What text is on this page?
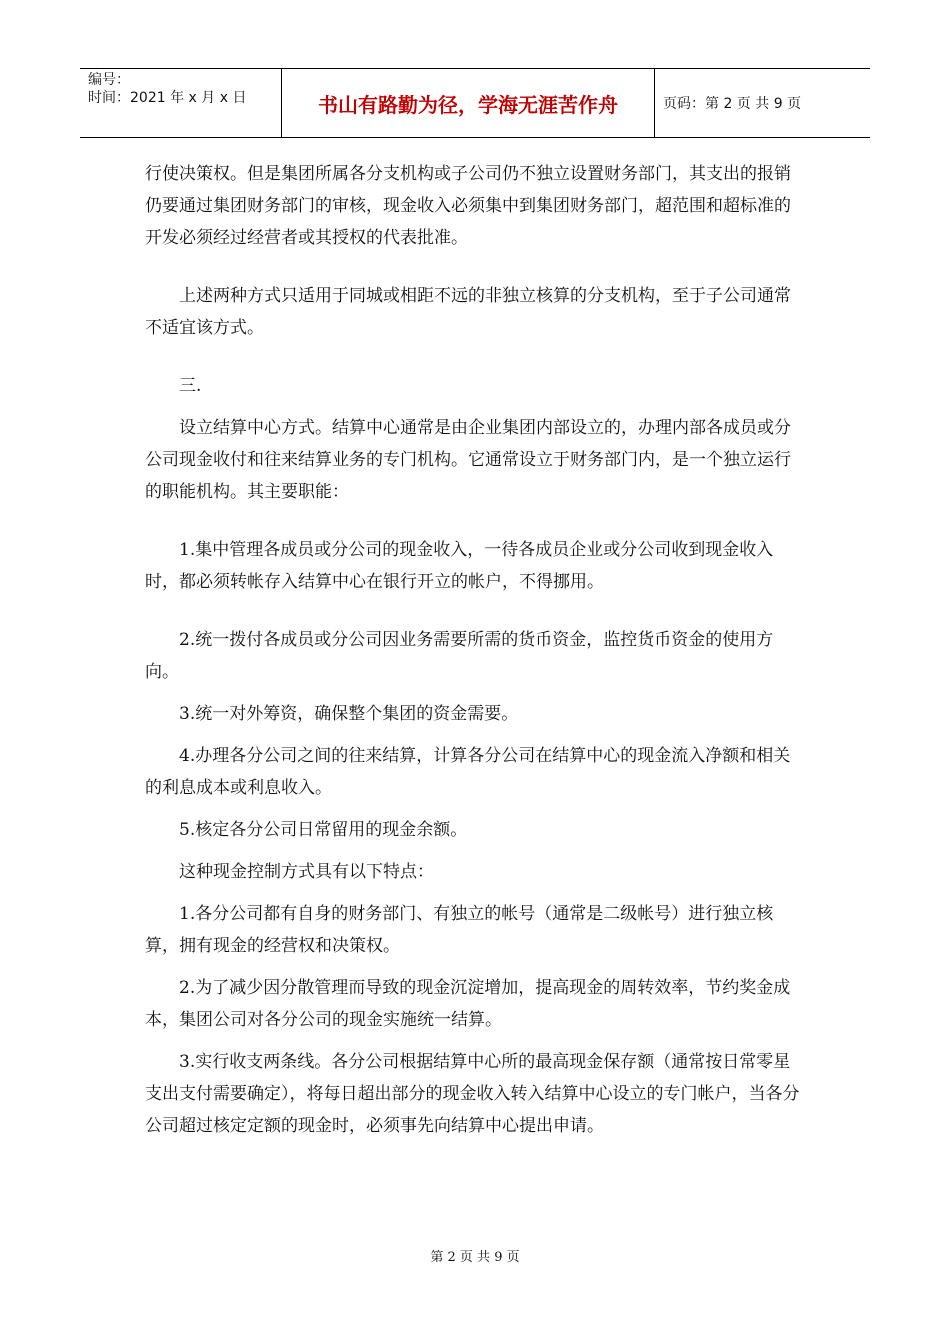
编号：
时间：2021 年 x 月 x 日	书山有路勤为径，学海无涯苦作舟	页码：第 2 页 共 9 页

行使决策权。但是集团所属各分支机构或子公司仍不独立设置财务部门，其支出的报销仍要通过集团财务部门的审核，现金收入必须集中到集团财务部门，超范围和超标准的开发必须经过经营者或其授权的代表批准。

上述两种方式只适用于同城或相距不远的非独立核算的分支机构，至于子公司通常不适宜该方式。

三.

设立结算中心方式。结算中心通常是由企业集团内部设立的，办理内部各成员或分公司现金收付和往来结算业务的专门机构。它通常设立于财务部门内，是一个独立运行的职能机构。其主要职能：

1.集中管理各成员或分公司的现金收入，一待各成员企业或分公司收到现金收入时，都必须转帐存入结算中心在银行开立的帐户，不得挪用。

2.统一拨付各成员或分公司因业务需要所需的货币资金，监控货币资金的使用方向。

3.统一对外筹资，确保整个集团的资金需要。

4.办理各分公司之间的往来结算，计算各分公司在结算中心的现金流入净额和相关的利息成本或利息收入。

5.核定各分公司日常留用的现金余额。

这种现金控制方式具有以下特点：

1.各分公司都有自身的财务部门、有独立的帐号（通常是二级帐号）进行独立核算，拥有现金的经营权和决策权。

2.为了减少因分散管理而导致的现金沉淀增加，提高现金的周转效率，节约奖金成本，集团公司对各分公司的现金实施统一结算。

3.实行收支两条线。各分公司根据结算中心所的最高现金保存额（通常按日常零星支出支付需要确定），将每日超出部分的现金收入转入结算中心设立的专门帐户，当各分公司超过核定定额的现金时，必须事先向结算中心提出申请。

第 2 页 共 9 页
